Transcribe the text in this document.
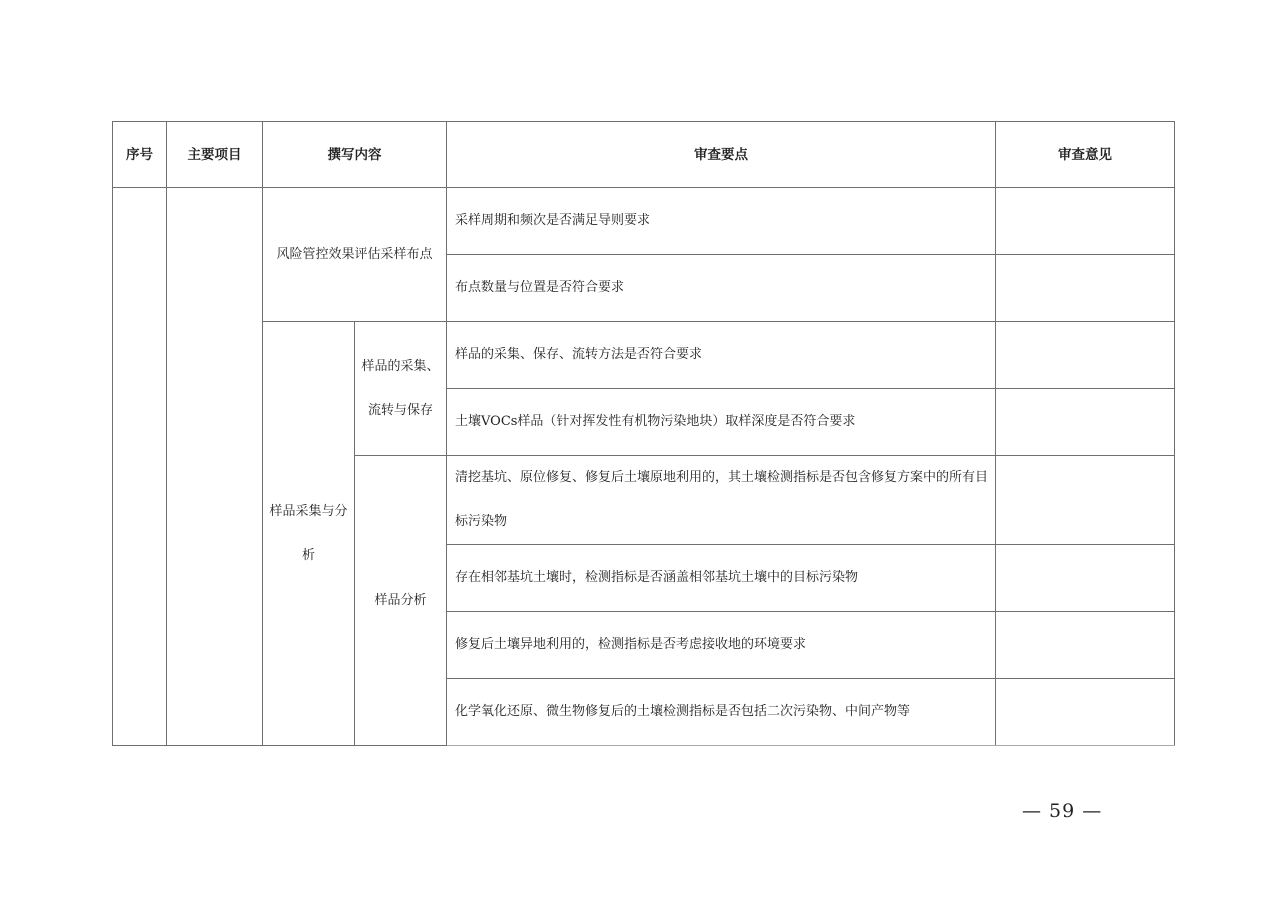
序号	主要项目	撰写内容		审查要点	审查意见
		风险管控效果评估采样布点		采样周期和频次是否满足导则要求	
				布点数量与位置是否符合要求	
		样品采集与分析	样品的采集、流转与保存	样品的采集、保存、流转方法是否符合要求	
				土壤VOCs样品（针对挥发性有机物污染地块）取样深度是否符合要求	
			样品分析	清挖基坑、原位修复、修复后土壤原地利用的，其土壤检测指标是否包含修复方案中的所有目标污染物	
				存在相邻基坑土壤时，检测指标是否涵盖相邻基坑土壤中的目标污染物	
				修复后土壤异地利用的，检测指标是否考虑接收地的环境要求	
				化学氧化还原、微生物修复后的土壤检测指标是否包括二次污染物、中间产物等	
— 59 —
